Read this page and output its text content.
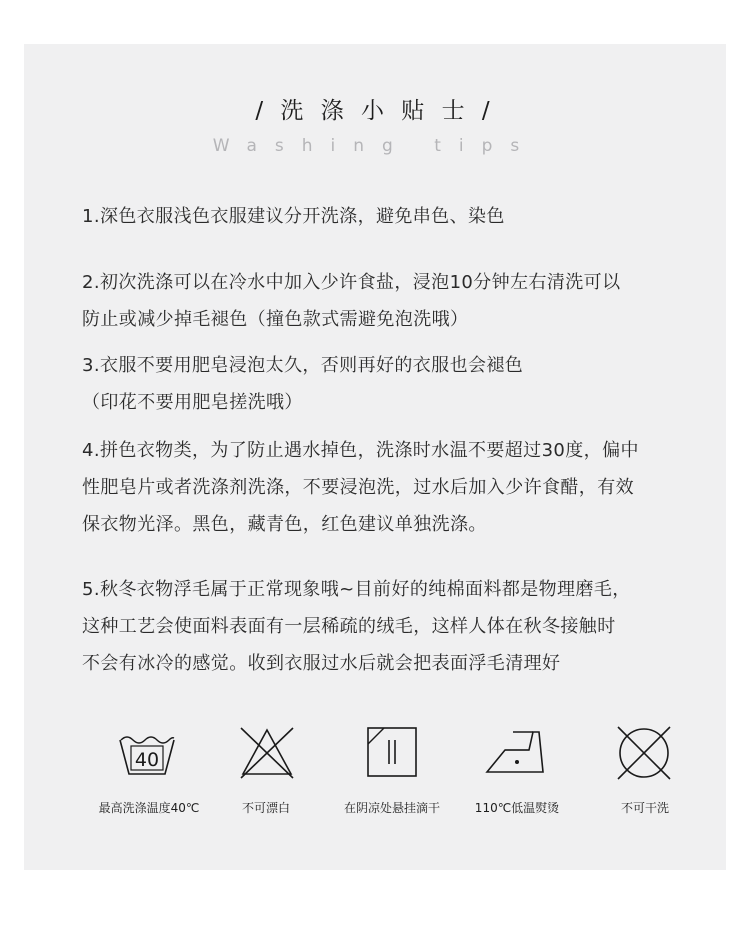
/ 洗 涤 小 贴 士 /
Washing tips
1.深色衣服浅色衣服建议分开洗涤，避免串色、染色
2.初次洗涤可以在冷水中加入少许食盐，浸泡10分钟左右清洗可以
防止或减少掉毛褪色（撞色款式需避免泡洗哦）
3.衣服不要用肥皂浸泡太久，否则再好的衣服也会褪色
（印花不要用肥皂搓洗哦）
4.拼色衣物类，为了防止遇水掉色，洗涤时水温不要超过30度，偏中
性肥皂片或者洗涤剂洗涤，不要浸泡洗，过水后加入少许食醋，有效
保衣物光泽。黑色，藏青色，红色建议单独洗涤。
5.秋冬衣物浮毛属于正常现象哦~目前好的纯棉面料都是物理磨毛，
这种工艺会使面料表面有一层稀疏的绒毛，这样人体在秋冬接触时
不会有冰冷的感觉。收到衣服过水后就会把表面浮毛清理好
40
最高洗涤温度40℃	不可漂白	在阴凉处悬挂滴干	110℃低温熨烫	不可干洗
